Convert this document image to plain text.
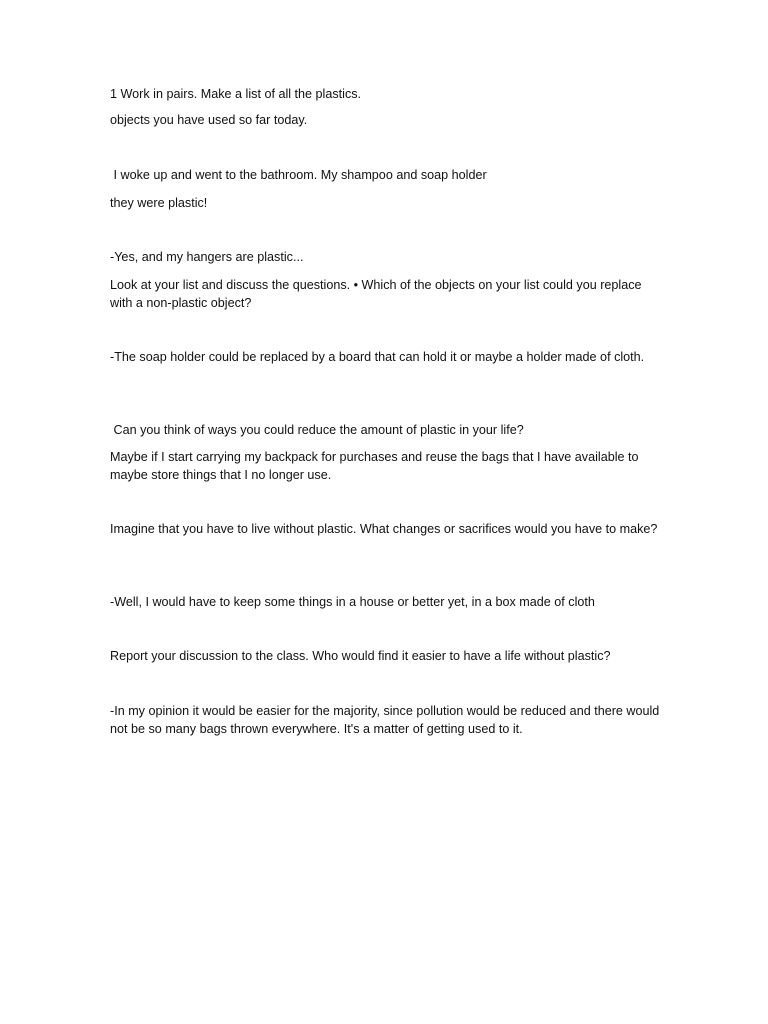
1 Work in pairs. Make a list of all the plastics.
objects you have used so far today.
I woke up and went to the bathroom. My shampoo and soap holder
they were plastic!
-Yes, and my hangers are plastic...
Look at your list and discuss the questions. • Which of the objects on your list could you replace with a non-plastic object?
-The soap holder could be replaced by a board that can hold it or maybe a holder made of cloth.
Can you think of ways you could reduce the amount of plastic in your life?
Maybe if I start carrying my backpack for purchases and reuse the bags that I have available to maybe store things that I no longer use.
Imagine that you have to live without plastic. What changes or sacrifices would you have to make?
-Well, I would have to keep some things in a house or better yet, in a box made of cloth
Report your discussion to the class. Who would find it easier to have a life without plastic?
-In my opinion it would be easier for the majority, since pollution would be reduced and there would not be so many bags thrown everywhere. It's a matter of getting used to it.
